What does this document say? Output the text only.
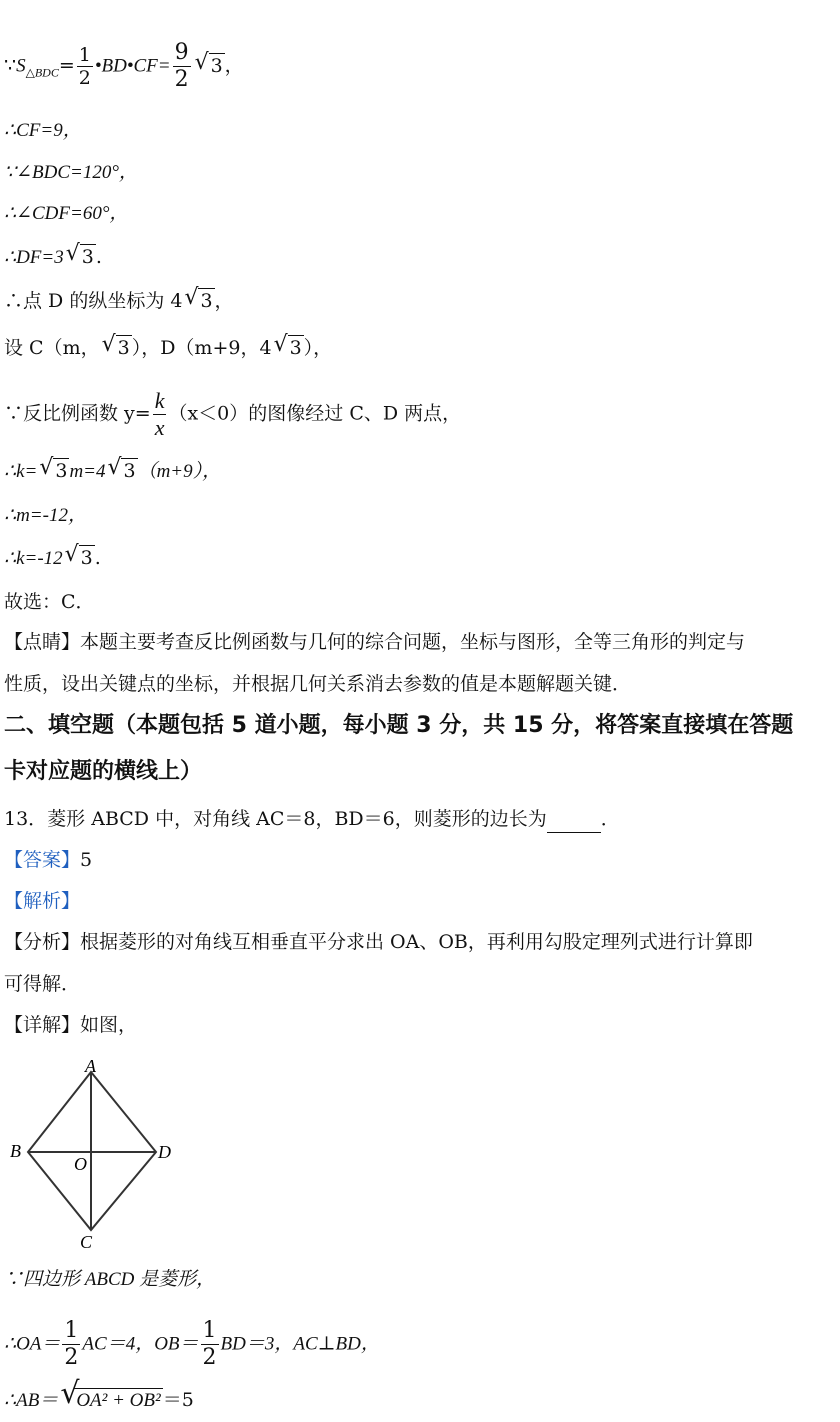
$\because S_{\triangle BDC}= \frac{1}{2}$ •BD•CF= $\frac{9}{2}$ √ 3 ，
∴CF=9，
∵∠BDC=120°，
∴∠CDF=60°，
∴DF=3 √ 3 .
∴点 D 的纵坐标为 4 √ 3 ，
设 C（m， √ 3 ），D（m+9，4 √ 3 ），
∵反比例函数 $y= \frac{k}{x} (x<0)$的图像经过 C、D 两点，
∴k= √ 3 m=4 √ 3 （m+9），
∴m=-12，
∴k=-12 √ 3 .
故选：C．
【点睛】本题主要考查反比例函数与几何的综合问题，坐标与图形，全等三角形的判定与
性质，设出关键点的坐标，并根据几何关系消去参数的值是本题解题关键．
二、填空题（本题包括 5 道小题，每小题 3 分，共 15 分，将答案直接填在答题
卡对应题的横线上）
13．菱形 ABCD 中，对角线 AC＝8，BD＝6，则菱形的边长为	．
【答案】5
【解析】
【分析】根据菱形的对角线互相垂直平分求出 OA、OB，再利用勾股定理列式进行计算即
可得解．
【详解】如图，
A
B
C
D
O
∵四边形 ABCD 是菱形，
∴OA＝ $\frac{1}{2} AC=4$，$OB= \frac{1}{2} BD=3$，AC⊥BD，
∴AB＝ √
OA² + OB² ＝5
